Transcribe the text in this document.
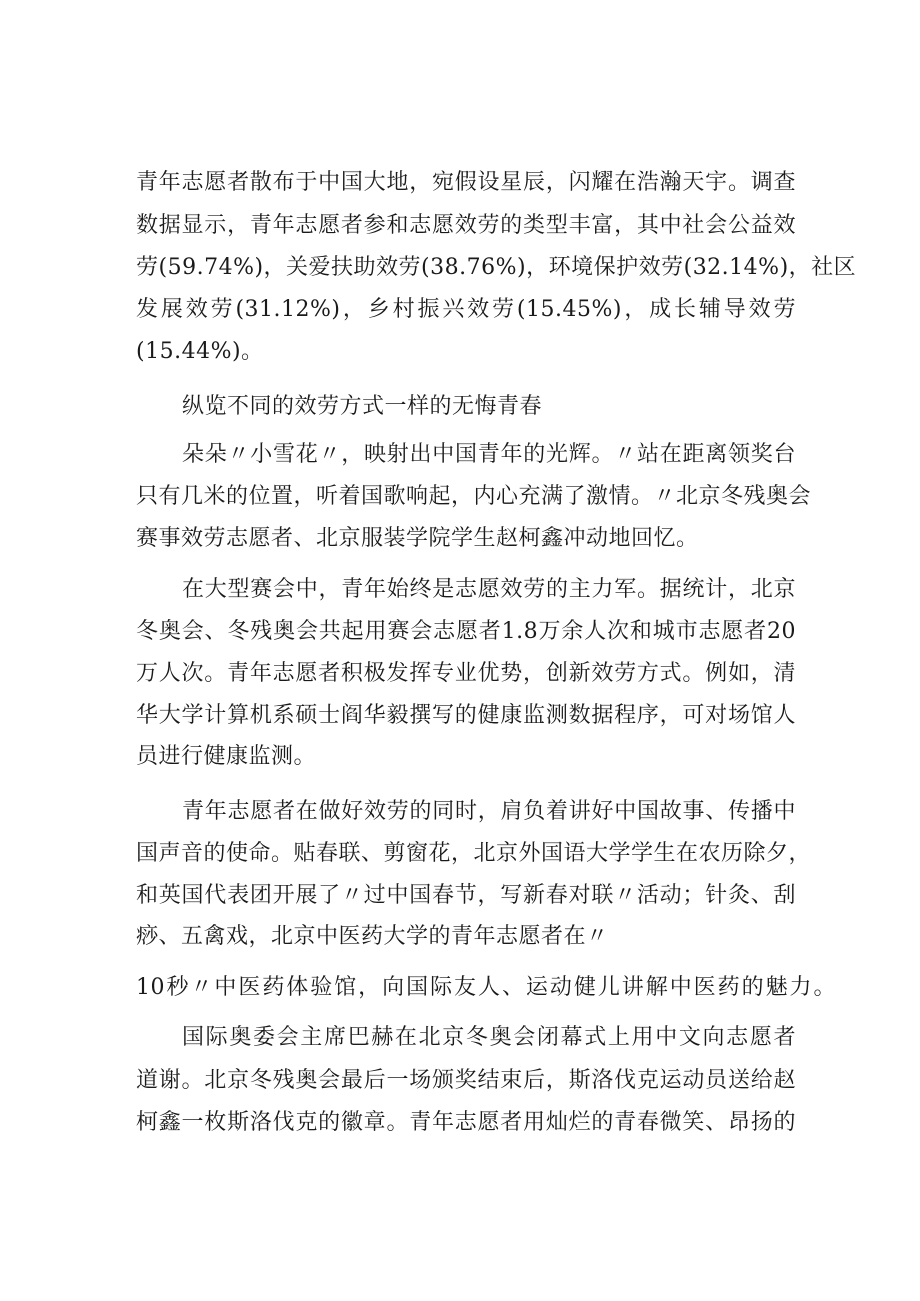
青年志愿者散布于中国大地，宛假设星辰，闪耀在浩瀚天宇。调查
数据显示，青年志愿者参和志愿效劳的类型丰富，其中社会公益效
劳(59.74%)，关爱扶助效劳(38.76%)，环境保护效劳(32.14%)，社区
发展效劳(31.12%)，乡村振兴效劳(15.45%)，成长辅导效劳
(15.44%)。
纵览不同的效劳方式一样的无悔青春
朵朵〃小雪花〃，映射出中国青年的光辉。〃站在距离领奖台
只有几米的位置，听着国歌响起，内心充满了激情。〃北京冬残奥会
赛事效劳志愿者、北京服装学院学生赵柯鑫冲动地回忆。
在大型赛会中，青年始终是志愿效劳的主力军。据统计，北京
冬奥会、冬残奥会共起用赛会志愿者1.8万余人次和城市志愿者20
万人次。青年志愿者积极发挥专业优势，创新效劳方式。例如，清
华大学计算机系硕士阎华毅撰写的健康监测数据程序，可对场馆人
员进行健康监测。
青年志愿者在做好效劳的同时，肩负着讲好中国故事、传播中
国声音的使命。贴春联、剪窗花，北京外国语大学学生在农历除夕，
和英国代表团开展了〃过中国春节，写新春对联〃活动；针灸、刮
痧、五禽戏，北京中医药大学的青年志愿者在〃
10秒〃中医药体验馆，向国际友人、运动健儿讲解中医药的魅力。
国际奥委会主席巴赫在北京冬奥会闭幕式上用中文向志愿者
道谢。北京冬残奥会最后一场颁奖结束后，斯洛伐克运动员送给赵
柯鑫一枚斯洛伐克的徽章。青年志愿者用灿烂的青春微笑、昂扬的
